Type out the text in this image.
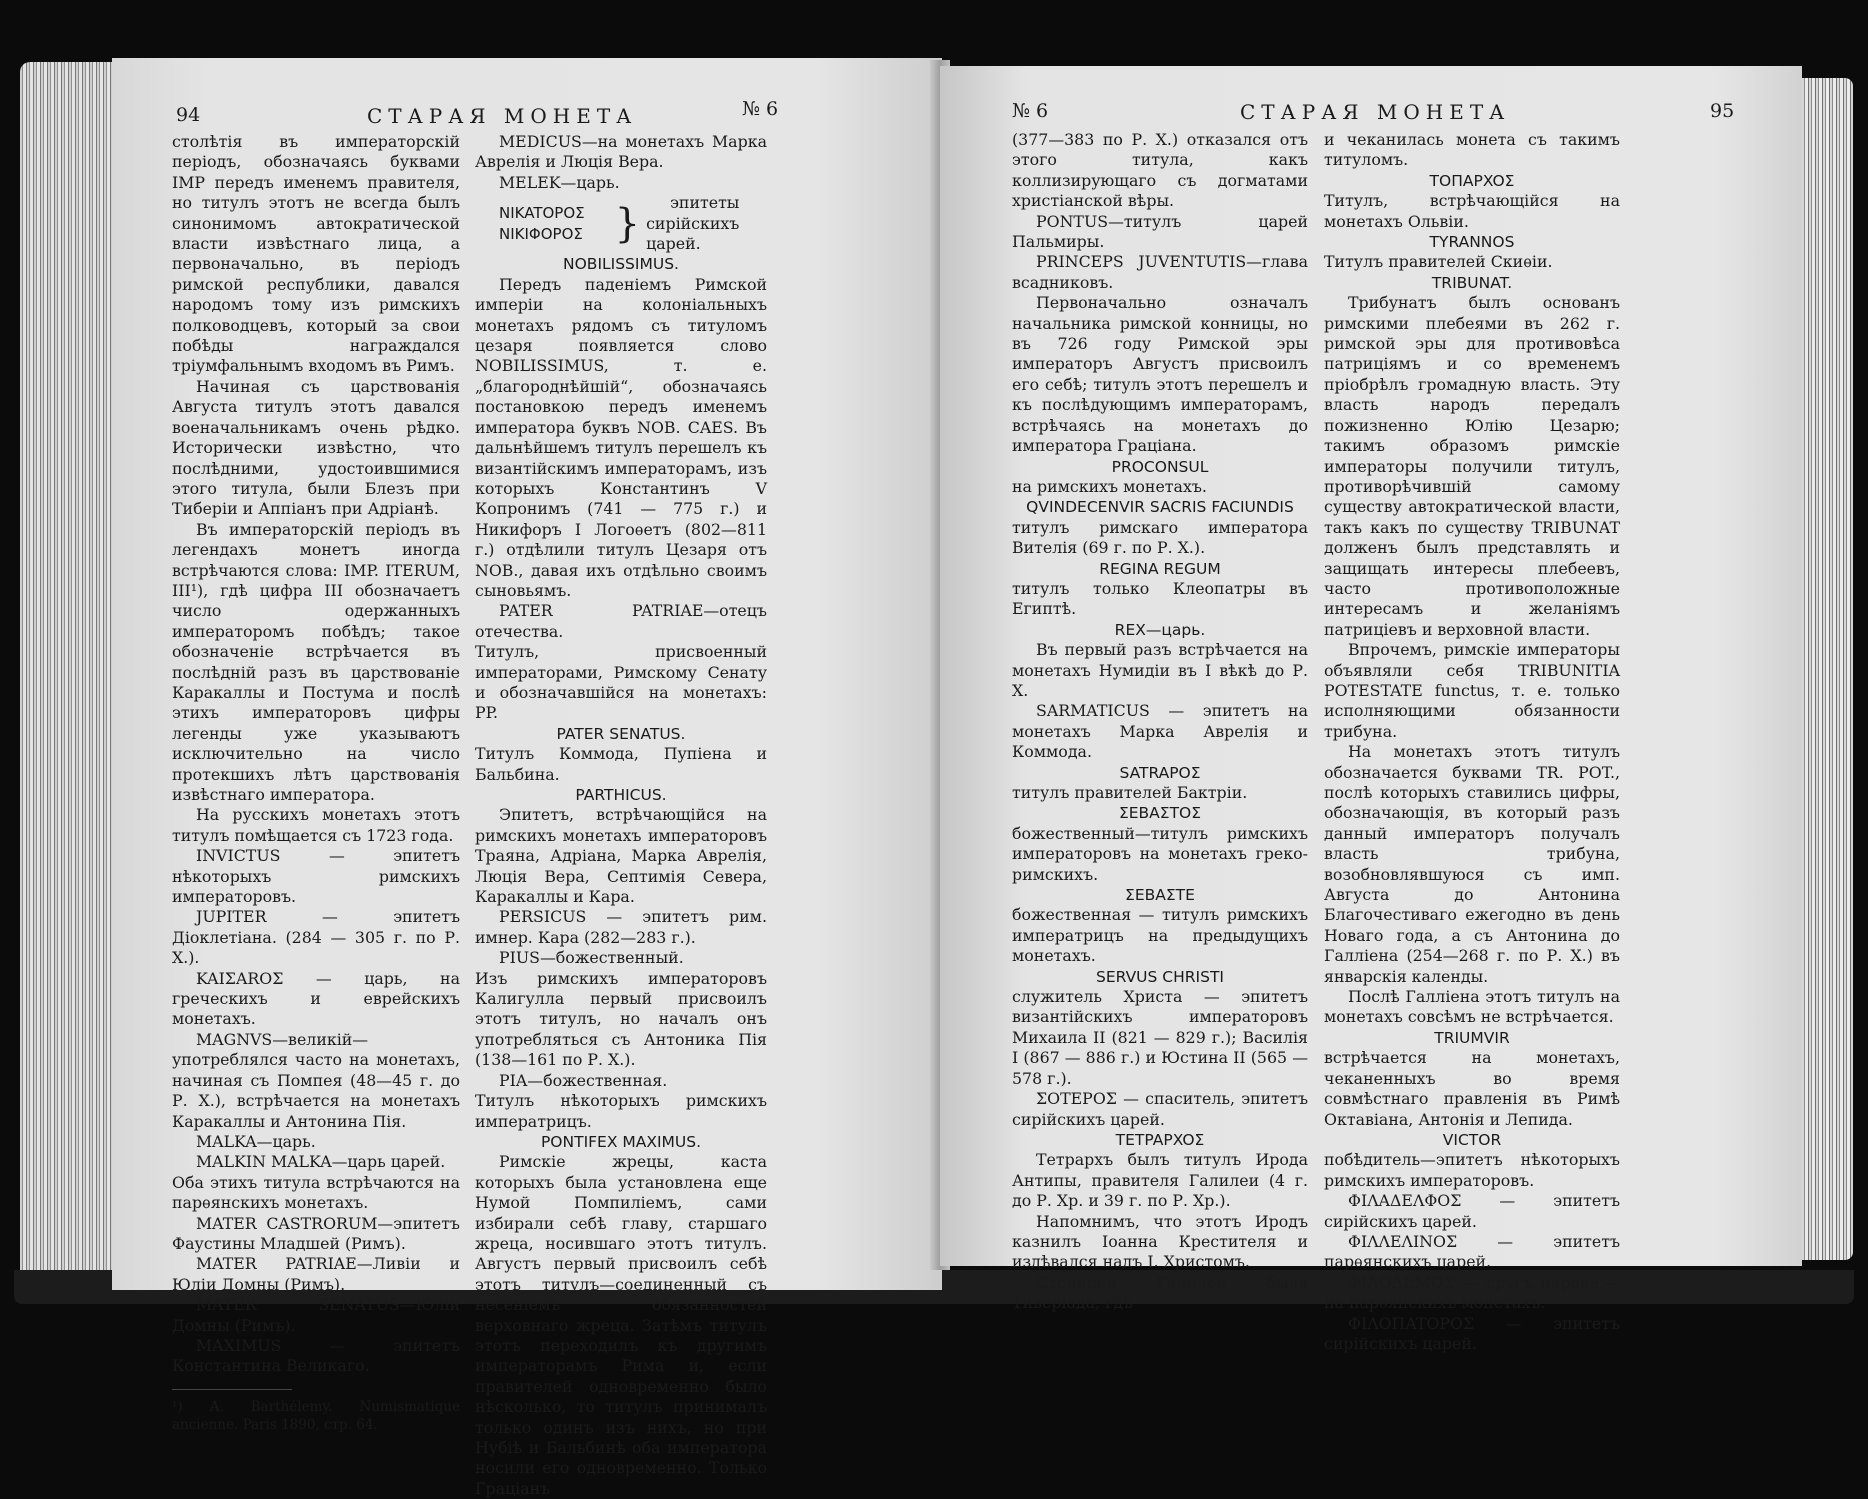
94	СТАРАЯ МОНЕТА	№ 6

столѣтія въ императорскій періодъ, обозначаясь буквами IMP передъ именемъ правителя, но титулъ этотъ не всегда былъ синонимомъ автократической власти извѣстнаго лица, а первоначально, въ періодъ римской республики, давался народомъ тому изъ римскихъ полководцевъ, который за свои побѣды награждался тріумфальнымъ входомъ въ Римъ.

Начиная съ царствованія Августа титулъ этотъ давался военачальникамъ очень рѣдко. Исторически извѣстно, что послѣдними, удостоившимися этого титула, были Блезъ при Тиберіи и Аппіанъ при Адріанѣ.

Въ императорскій періодъ въ легендахъ монетъ иногда встрѣчаются слова: IMP. ITERUM, III¹), гдѣ цифра III обозначаетъ число одержанныхъ императоромъ побѣдъ; такое обозначеніе встрѣчается въ послѣдній разъ въ царствованіе Каракаллы и Постума и послѣ этихъ императоровъ цифры легенды уже указываютъ исключительно на число протекшихъ лѣтъ царствованія извѣстнаго императора.

На русскихъ монетахъ этотъ титулъ помѣщается съ 1723 года.

INVICTUS — эпитетъ нѣкоторыхъ римскихъ императоровъ.

JUPITER — эпитетъ Діоклетіана. (284 — 305 г. по Р. Х.).

KAIΣAROΣ — царь, на греческихъ и еврейскихъ монетахъ.

MAGNVS—великій—употреблялся часто на монетахъ, начиная съ Помпея (48—45 г. до Р. Х.), встрѣчается на монетахъ Каракаллы и Антонина Пія.

MALKA—царь.

MALKIN MALKA—царь царей.

Оба этихъ титула встрѣчаются на парѳянскихъ монетахъ.

MATER CASTRORUM—эпитетъ Фаустины Младшей (Римъ).

MATER PATRIAE—Ливіи и Юліи Домны (Римъ).

MATER SENATUS—Юліи Домны (Римъ).

MAXIMUS — эпитетъ Константина Великаго.

¹) A. Barthélemy. Numismatique ancienne. Paris 1890, стр. 64.

MEDICUS—на монетахъ Марка Аврелія и Люція Вера.

MELEK—царь.

NIKATOPOΣ
NIKIΦOPOΣ }	эпитеты сирійскихъ царей.

NOBILISSIMUS.

Передъ паденіемъ Римской имперіи на колоніальныхъ монетахъ рядомъ съ титуломъ цезаря появляется слово NOBILISSIMUS, т. е. „благороднѣйшій“, обозначаясь постановкою передъ именемъ императора буквъ NOB. CAES. Въ дальнѣйшемъ титулъ перешелъ къ византійскимъ императорамъ, изъ которыхъ Константинъ V Копронимъ (741 — 775 г.) и Никифоръ I Логоѳетъ (802—811 г.) отдѣлили титулъ Цезаря отъ NOB., давая ихъ отдѣльно своимъ сыновьямъ.

PATER PATRIAE—отецъ отечества.

Титулъ, присвоенный императорами, Римскому Сенату и обозначавшійся на монетахъ: PP.

PATER SENATUS.

Титулъ Коммода, Пупіена и Бальбина.

PARTHICUS.

Эпитетъ, встрѣчающійся на римскихъ монетахъ императоровъ Траяна, Адріана, Марка Аврелія, Люція Вера, Септимія Севера, Каракаллы и Кара.

PERSICUS — эпитетъ рим. имнер. Кара (282—283 г.).

PIUS—божественный.

Изъ римскихъ императоровъ Калигулла первый присвоилъ этотъ титулъ, но началъ онъ употребляться съ Антоника Пія (138—161 по Р. Х.).

PIA—божественная.

Титулъ нѣкоторыхъ римскихъ императрицъ.

PONTIFEX MAXIMUS.

Римскіе жрецы, каста которыхъ была установлена еще Нумой Помпиліемъ, сами избирали себѣ главу, старшаго жреца, носившаго этотъ титулъ. Августъ первый присвоилъ себѣ этотъ титулъ—соединенный съ несеніемъ обязанностей верховнаго жреца. Затѣмъ титулъ этотъ переходилъ къ другимъ императорамъ Рима и, если правителей одновременно было нѣсколько, то титулъ принималъ только одинъ изъ нихъ, но при Нубіѣ и Бальбинѣ оба императора носили его одновременно. Только Граціанъ

№ 6	СТАРАЯ МОНЕТА	95

(377—383 по Р. Х.) отказался отъ этого титула, какъ коллизирующаго съ догматами христіанской вѣры.

PONTUS—титулъ царей Пальмиры.

PRINCEPS JUVENTUTIS—глава всадниковъ.

Первоначально означалъ начальника римской конницы, но въ 726 году Римской эры императоръ Августъ присвоилъ его себѣ; титулъ этотъ перешелъ и къ послѣдующимъ императорамъ, встрѣчаясь на монетахъ до императора Граціана.

PROCONSUL

на римскихъ монетахъ.

QVINDECENVIR SACRIS FACIUNDIS

титулъ римскаго императора Вителія (69 г. по Р. Х.).

REGINA REGUM

титулъ только Клеопатры въ Египтѣ.

REX—царь.

Въ первый разъ встрѣчается на монетахъ Нумидіи въ I вѣкѣ до Р. Х.

SARMATICUS — эпитетъ на монетахъ Марка Аврелія и Коммода.

SATRAPOΣ

титулъ правителей Бактріи.

ΣEBAΣTOΣ

божественный—титулъ римскихъ императоровъ на монетахъ греко-римскихъ.

ΣEBAΣTE

божественная — титулъ римскихъ императрицъ на предыдущихъ монетахъ.

SERVUS CHRISTI

служитель Христа — эпитетъ византійскихъ императоровъ Михаила II (821 — 829 г.); Василія I (867 — 886 г.) и Юстина II (565 — 578 г.).

ΣOTEPOΣ — спаситель, эпитетъ сирійскихъ царей.

TETPAPXOΣ

Тетрархъ былъ титулъ Ирода Антипы, правителя Галилеи (4 г. до Р. Хр. и 39 г. по Р. Хр.).

Напомнимъ, что этотъ Иродъ казнилъ Іоанна Крестителя и издѣвался надъ І. Христомъ.

Столицей Галилеи была Тиверіада, гдѣ

и чеканилась монета съ такимъ титуломъ.

TOПAPXOΣ

Титулъ, встрѣчающійся на монетахъ Ольвіи.

TYRANNOS

Титулъ правителей Скиѳіи.

TRIBUNAT.

Трибунатъ былъ основанъ римскими плебеями въ 262 г. римской эры для противовѣса патриціямъ и со временемъ пріобрѣлъ громадную власть. Эту власть народъ передалъ пожизненно Юлію Цезарю; такимъ образомъ римскіе императоры получили титулъ, противорѣчившій самому существу автократической власти, такъ какъ по существу TRIBUNAT долженъ былъ представлять и защищать интересы плебеевъ, часто противоположные интересамъ и желаніямъ патриціевъ и верховной власти.

Впрочемъ, римскіе императоры объявляли себя TRIBUNITIA POTESTATE functus, т. е. только исполняющими обязанности трибуна.

На монетахъ этотъ титулъ обозначается буквами TR. POT., послѣ которыхъ ставились цифры, обозначающія, въ который разъ данный императоръ получалъ власть трибуна, возобновлявшуюся съ имп. Августа до Антонина Благочестиваго ежегодно въ день Новаго года, а съ Антонина до Галліена (254—268 г. по Р. Х.) въ январскія календы.

Послѣ Галліена этотъ титулъ на монетахъ совсѣмъ не встрѣчается.

TRIUMVIR

встрѣчается на монетахъ, чеканенныхъ во время совмѣстнаго правленія въ Римѣ Октавіана, Антонія и Лепида.

VICTOR

побѣдитель—эпитетъ нѣкоторыхъ римскихъ императоровъ.

ΦIΛAΔEΛΦOΣ — эпитетъ сирійскихъ царей.

ΦIΛΛEΛINOΣ — эпитетъ парѳянскихъ царей.

ΦIΛOΔEMOΣ — другъ народа,—на парѳянскихъ монетахъ.

ΦIΛOПATOPOΣ — эпитетъ сирійскихъ царей.
